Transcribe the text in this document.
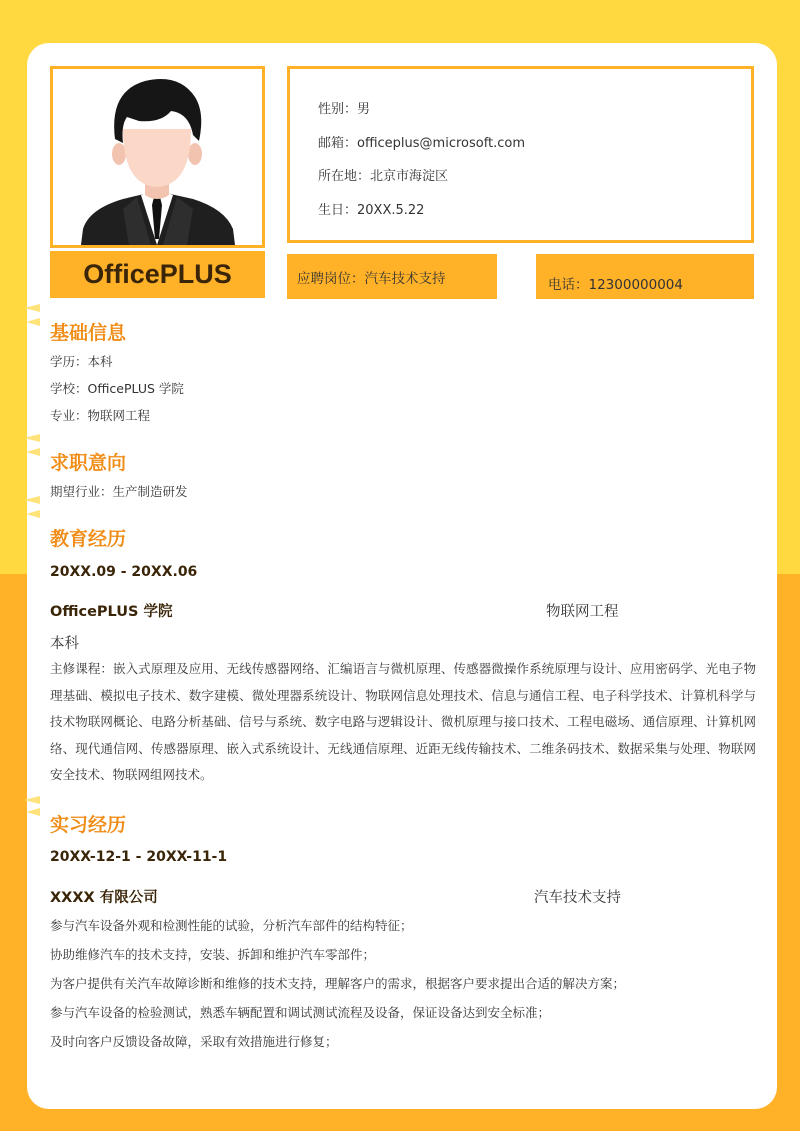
OfficePLUS
性别：男
邮箱：officeplus@microsoft.com
所在地：北京市海淀区
生日：20XX.5.22
应聘岗位：汽车技术支持	电话：12300000004
基础信息
学历：本科
学校：OfficePLUS 学院
专业：物联网工程
求职意向
期望行业：生产制造研发
教育经历
20XX.09 - 20XX.06
OfficePLUS 学院	物联网工程
本科
主修课程：嵌入式原理及应用、无线传感器网络、汇编语言与微机原理、传感器微操作系统原理与设计、应用密码学、光电子物理基础、模拟电子技术、数字建模、微处理器系统设计、物联网信息处理技术、信息与通信工程、电子科学技术、计算机科学与技术物联网概论、电路分析基础、信号与系统、数字电路与逻辑设计、微机原理与接口技术、工程电磁场、通信原理、计算机网络、现代通信网、传感器原理、嵌入式系统设计、无线通信原理、近距无线传输技术、二维条码技术、数据采集与处理、物联网安全技术、物联网组网技术。
实习经历
20XX-12-1 - 20XX-11-1
XXXX 有限公司	汽车技术支持
参与汽车设备外观和检测性能的试验，分析汽车部件的结构特征；
协助维修汽车的技术支持，安装、拆卸和维护汽车零部件；
为客户提供有关汽车故障诊断和维修的技术支持，理解客户的需求，根据客户要求提出合适的解决方案；
参与汽车设备的检验测试，熟悉车辆配置和调试测试流程及设备，保证设备达到安全标准；
及时向客户反馈设备故障，采取有效措施进行修复；
